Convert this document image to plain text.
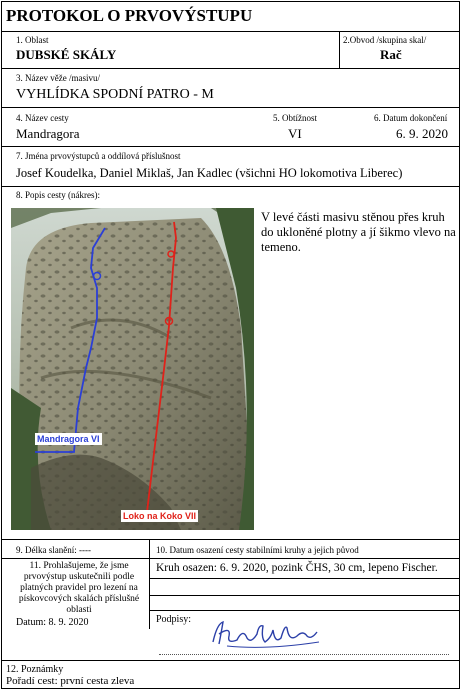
PROTOKOL O PRVOVÝSTUPU
1. Oblast
DUBSKÉ SKÁLY
2.Obvod /skupina skal/
Rač
3. Název věže /masivu/
VYHLÍDKA SPODNÍ PATRO - M
4. Název cesty
Mandragora
5. Obtížnost
VI
6. Datum dokončení
6. 9. 2020
7. Jména prvovýstupců a oddílová příslušnost
Josef Koudelka, Daniel Miklaš, Jan Kadlec (všichni HO lokomotiva Liberec)
8. Popis cesty (nákres):
Mandragora VI
Loko na Koko VII
V levé části masivu stěnou přes kruh do ukloněné plotny a jí šikmo vlevo na temeno.
9. Délka slanění: ----	10. Datum osazení cesty stabilními kruhy a jejich původ
11. Prohlašujeme, že jsme prvovýstup uskutečnili podle platných pravidel pro lezení na pískovcových skalách příslušné oblasti
Kruh osazen: 6. 9. 2020, pozink ČHS, 30 cm, lepeno Fischer.
Datum: 8. 9. 2020	Podpisy:
12. Poznámky
Pořadí cest: první cesta zleva
